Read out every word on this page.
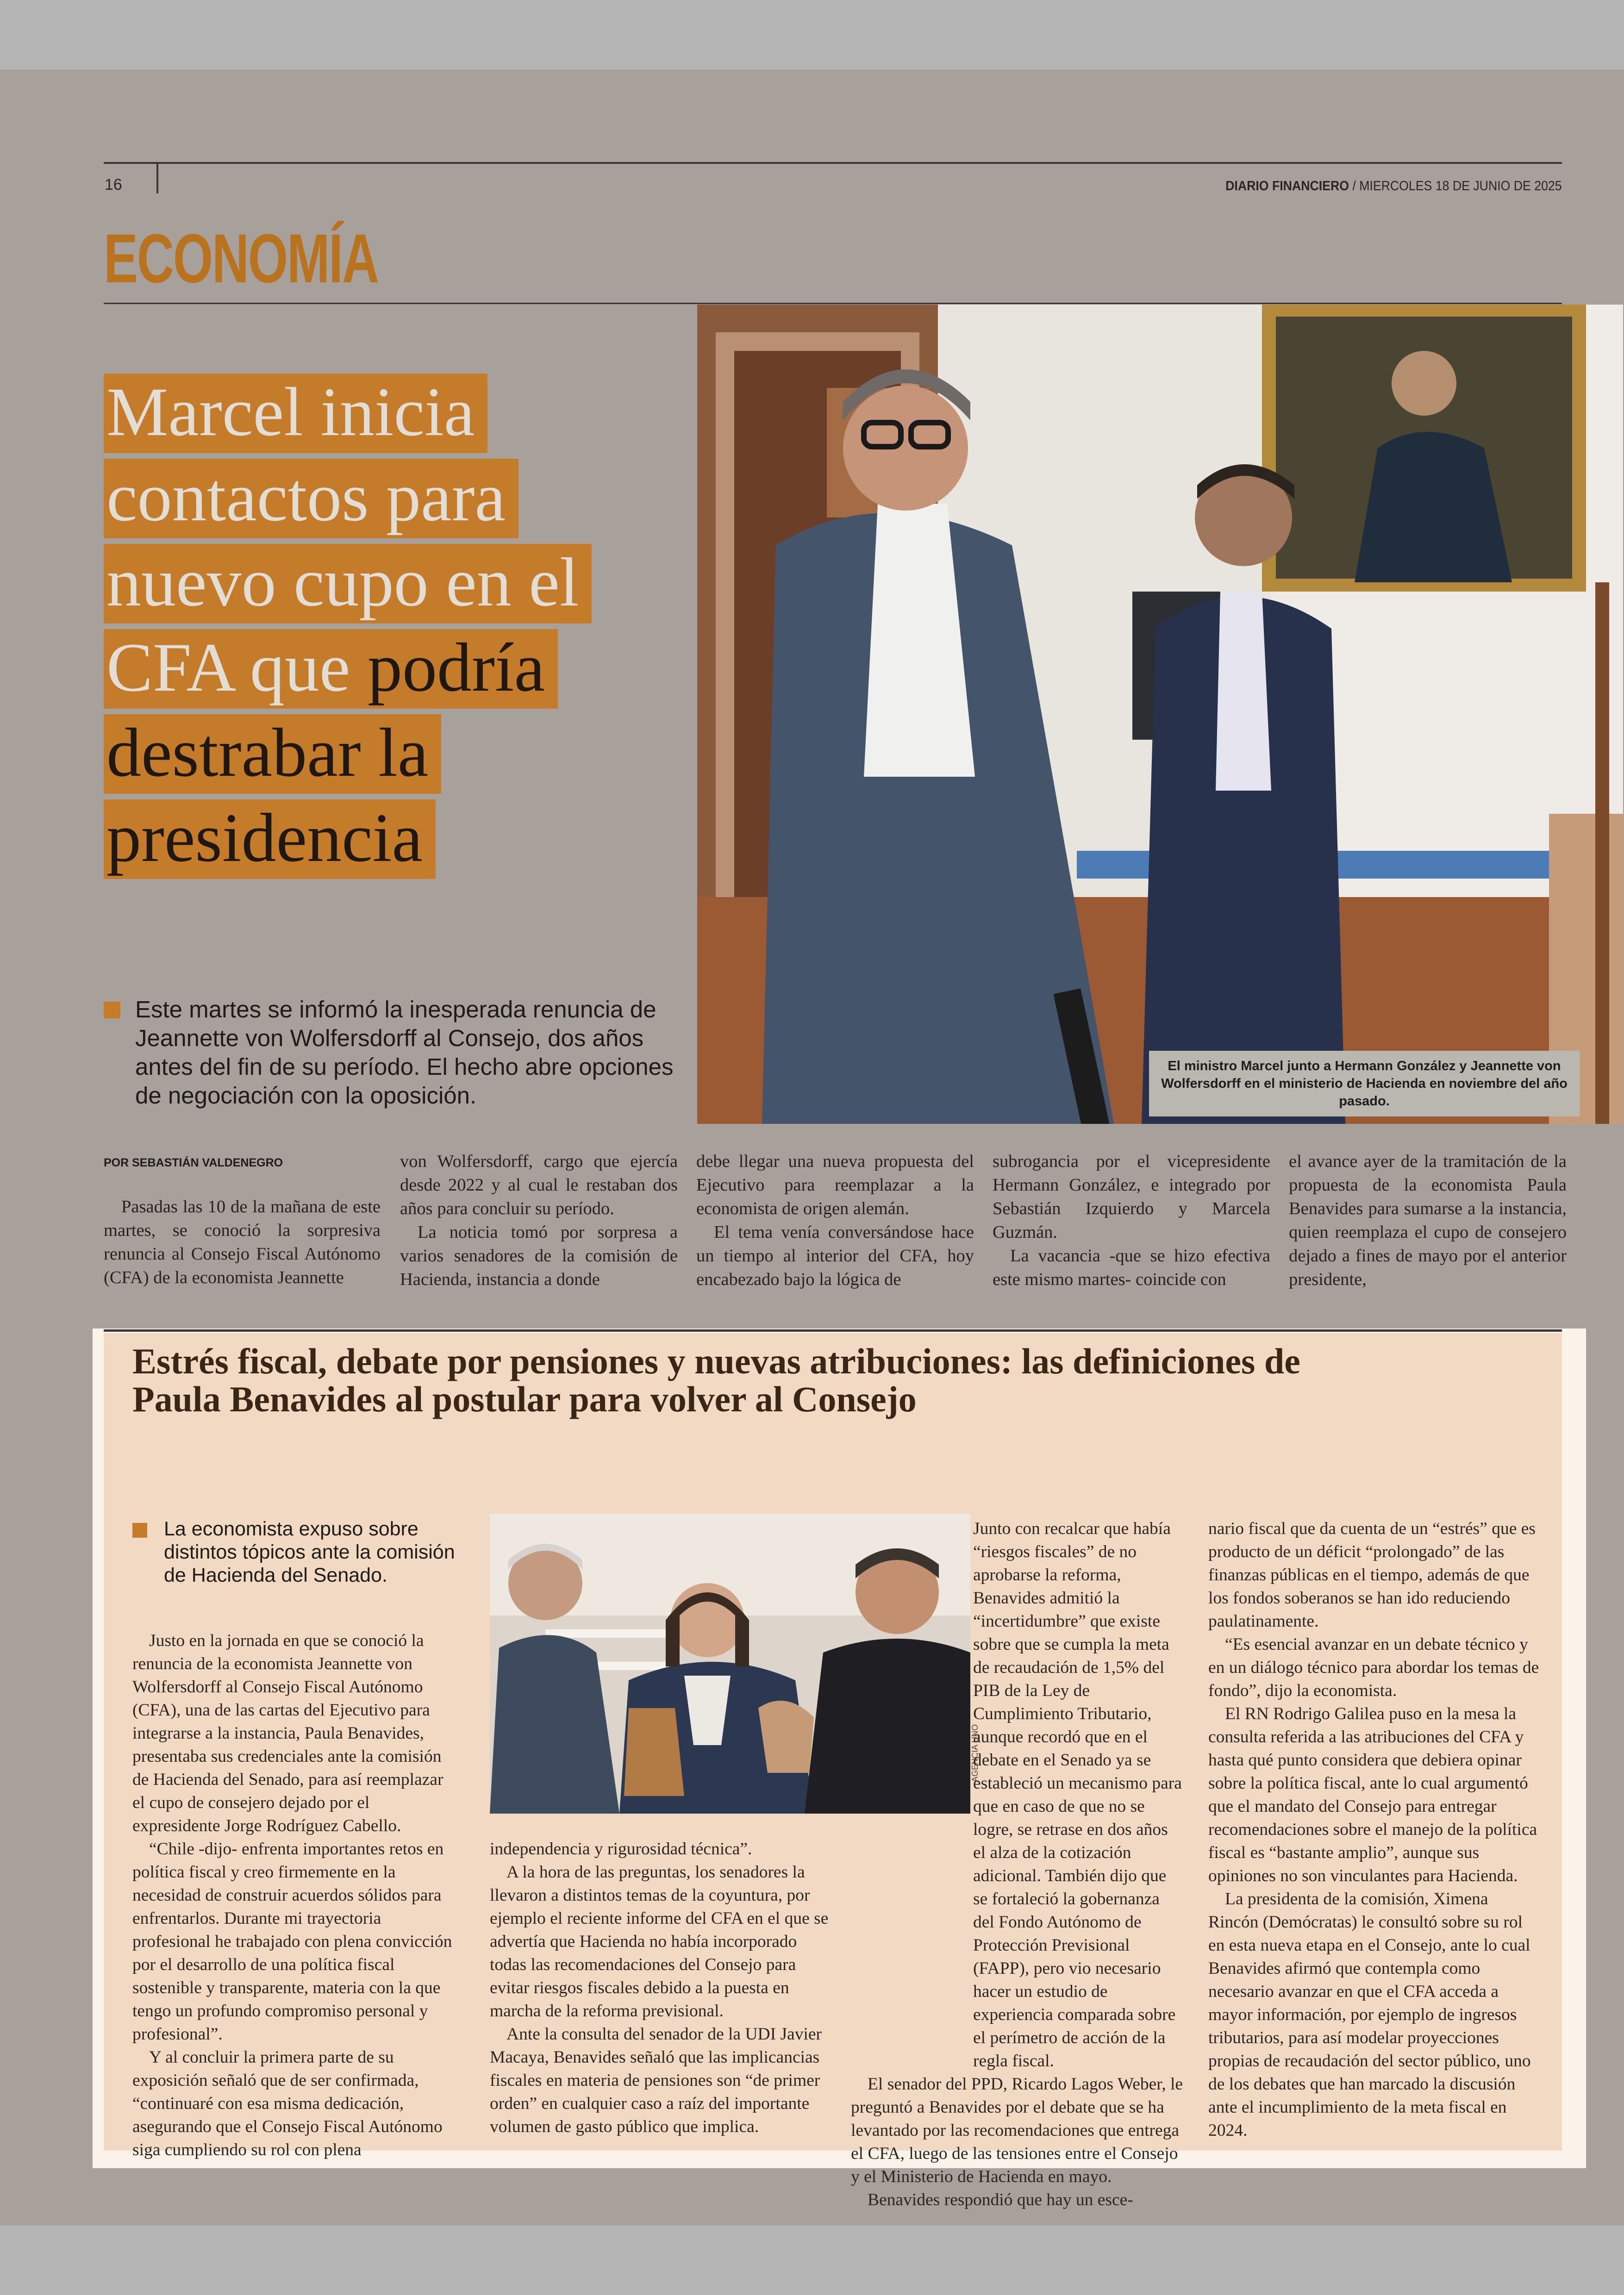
16	DIARIO FINANCIERO / MIERCOLES 18 DE JUNIO DE 2025
ECONOMÍA
Marcel inicia
contactos para
nuevo cupo en el
CFA que podría
destrabar la
presidencia
El ministro Marcel junto a Hermann González y Jeannette von Wolfersdorff en el ministerio de Hacienda en noviembre del año pasado.

Este martes se informó la inesperada renuncia de Jeannette von Wolfersdorff al Consejo, dos años antes del fin de su período. El hecho abre opciones de negociación con la oposición.

POR SEBASTIÁN VALDENEGRO

Pasadas las 10 de la mañana de este martes, se conoció la sorpresiva renuncia al Consejo Fiscal Autónomo (CFA) de la economista Jeannette

von Wolfersdorff, cargo que ejercía desde 2022 y al cual le restaban dos años para concluir su período.

La noticia tomó por sorpresa a varios senadores de la comisión de Hacienda, instancia a donde

debe llegar una nueva propuesta del Ejecutivo para reemplazar a la economista de origen alemán.

El tema venía conversándose hace un tiempo al interior del CFA, hoy encabezado bajo la lógica de

subrogancia por el vicepresidente Hermann González, e integrado por Sebastián Izquierdo y Marcela Guzmán.

La vacancia -que se hizo efectiva este mismo martes- coincide con

el avance ayer de la tramitación de la propuesta de la economista Paula Benavides para sumarse a la instancia, quien reemplaza el cupo de consejero dejado a fines de mayo por el anterior presidente,

Estrés fiscal, debate por pensiones y nuevas atribuciones: las definiciones de Paula Benavides al postular para volver al Consejo

La economista expuso sobre distintos tópicos ante la comisión de Hacienda del Senado.

Justo en la jornada en que se conoció la renuncia de la economista Jeannette von Wolfersdorff al Consejo Fiscal Autónomo (CFA), una de las cartas del Ejecutivo para integrarse a la instancia, Paula Benavides, presentaba sus credenciales ante la comisión de Hacienda del Senado, para así reemplazar el cupo de consejero dejado por el expresidente Jorge Rodríguez Cabello.

“Chile -dijo- enfrenta importantes retos en política fiscal y creo firmemente en la necesidad de construir acuerdos sólidos para enfrentarlos. Durante mi trayectoria profesional he trabajado con plena convicción por el desarrollo de una política fiscal sostenible y transparente, materia con la que tengo un profundo compromiso personal y profesional”.

Y al concluir la primera parte de su exposición señaló que de ser confirmada, “continuaré con esa misma dedicación, asegurando que el Consejo Fiscal Autónomo siga cumpliendo su rol con plena

AGENCIA UNO

independencia y rigurosidad técnica”.

A la hora de las preguntas, los senadores la llevaron a distintos temas de la coyuntura, por ejemplo el reciente informe del CFA en el que se advertía que Hacienda no había incorporado todas las recomendaciones del Consejo para evitar riesgos fiscales debido a la puesta en marcha de la reforma previsional.

Ante la consulta del senador de la UDI Javier Macaya, Benavides señaló que las implicancias fiscales en materia de pensiones son “de primer orden” en cualquier caso a raíz del importante volumen de gasto público que implica.

Junto con recalcar que había “riesgos fiscales” de no aprobarse la reforma, Benavides admitió la “incertidumbre” que existe sobre que se cumpla la meta de recaudación de 1,5% del PIB de la Ley de Cumplimiento Tributario, aunque recordó que en el debate en el Senado ya se estableció un mecanismo para que en caso de que no se logre, se retrase en dos años el alza de la cotización adicional. También dijo que se fortaleció la gobernanza del Fondo Autónomo de Protección Previsional (FAPP), pero vio necesario hacer un estudio de experiencia comparada sobre el perímetro de acción de la regla fiscal.

El senador del PPD, Ricardo Lagos Weber, le preguntó a Benavides por el debate que se ha levantado por las recomendaciones que entrega el CFA, luego de las tensiones entre el Consejo y el Ministerio de Hacienda en mayo.

Benavides respondió que hay un esce-

nario fiscal que da cuenta de un “estrés” que es producto de un déficit “prolongado” de las finanzas públicas en el tiempo, además de que los fondos soberanos se han ido reduciendo paulatinamente.

“Es esencial avanzar en un debate técnico y en un diálogo técnico para abordar los temas de fondo”, dijo la economista.

El RN Rodrigo Galilea puso en la mesa la consulta referida a las atribuciones del CFA y hasta qué punto considera que debiera opinar sobre la política fiscal, ante lo cual argumentó que el mandato del Consejo para entregar recomendaciones sobre el manejo de la política fiscal es “bastante amplio”, aunque sus opiniones no son vinculantes para Hacienda.

La presidenta de la comisión, Ximena Rincón (Demócratas) le consultó sobre su rol en esta nueva etapa en el Consejo, ante lo cual Benavides afirmó que contempla como necesario avanzar en que el CFA acceda a mayor información, por ejemplo de ingresos tributarios, para así modelar proyecciones propias de recaudación del sector público, uno de los debates que han marcado la discusión ante el incumplimiento de la meta fiscal en 2024.
